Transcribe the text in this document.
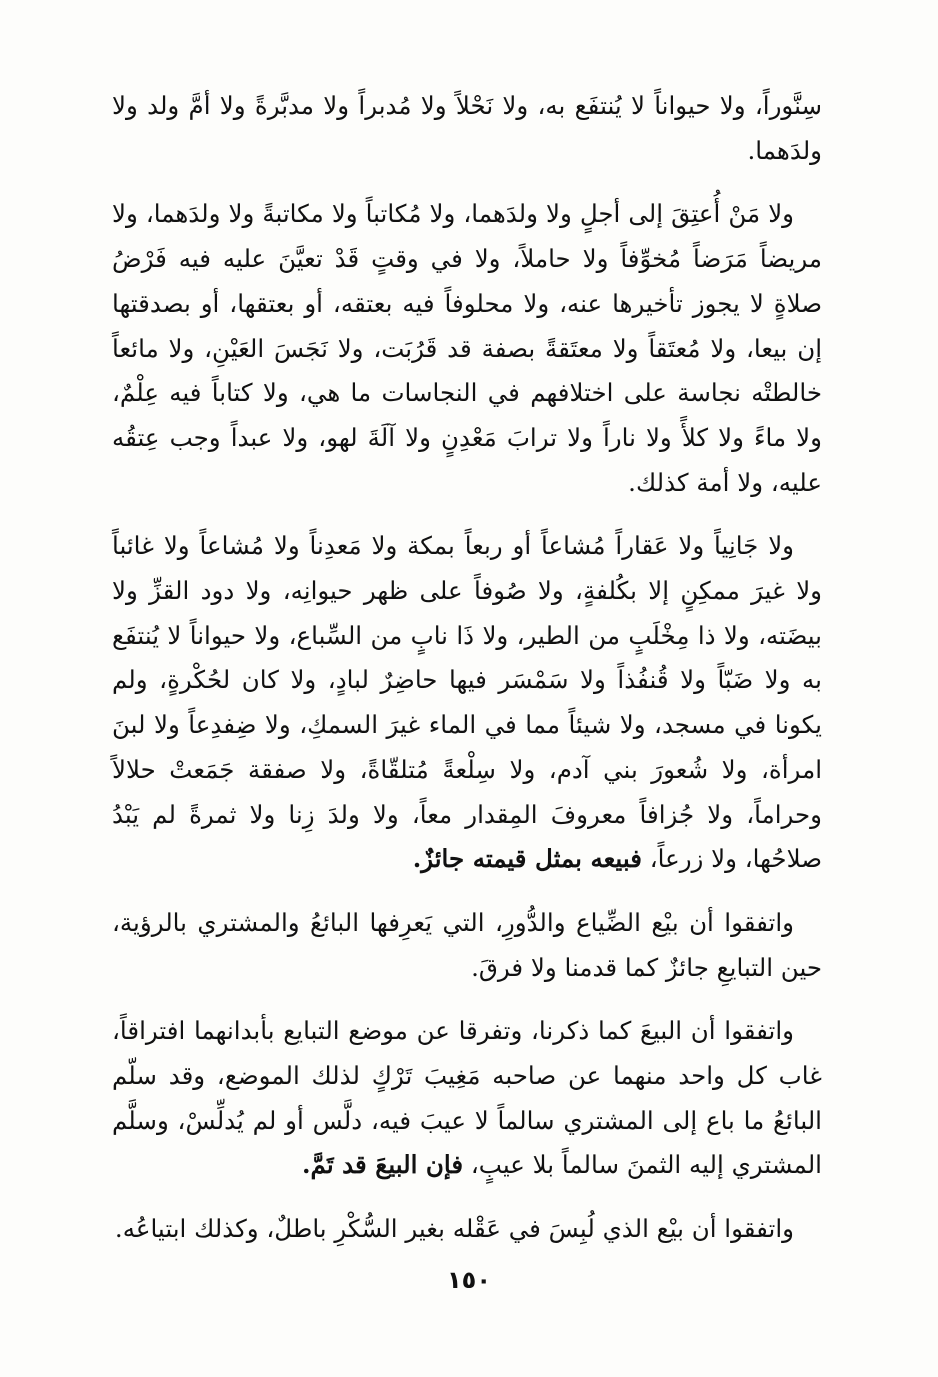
سِنَّوراً، ولا حيواناً لا يُنتفَع به، ولا نَحْلاً ولا مُدبراً ولا مدبَّرةً ولا أمَّ ولد ولا ولدَهما.

ولا مَنْ أُعتِقَ إلى أجلٍ ولا ولدَهما، ولا مُكاتباً ولا مكاتبةً ولا ولدَهما، ولا مريضاً مَرَضاً مُخوِّفاً ولا حاملاً، ولا في وقتٍ قَدْ تعيَّنَ عليه فيه فَرْضُ صلاةٍ لا يجوز تأخيرها عنه، ولا محلوفاً فيه بعتقه، أو بعتقها، أو بصدقتها إن بيعا، ولا مُعتَقاً ولا معتَقةً بصفة قد قَرُبَت، ولا نَجَسَ العَيْنِ، ولا مائعاً خالطتْه نجاسة على اختلافهم في النجاسات ما هي، ولا كتاباً فيه عِلْمٌ، ولا ماءً ولا كلأً ولا ناراً ولا ترابَ مَعْدِنٍ ولا آلَةَ لهو، ولا عبداً وجب عِتقُه عليه، ولا أمة كذلك.

ولا جَانِياً ولا عَقاراً مُشاعاً أو ربعاً بمكة ولا مَعدِناً ولا مُشاعاً ولا غائباً ولا غيرَ ممكِنٍ إلا بكُلفةٍ، ولا صُوفاً على ظهر حيوانِه، ولا دود القزِّ ولا بيضَته، ولا ذا مِخْلَبٍ من الطير، ولا ذَا نابٍ من السِّباع، ولا حيواناً لا يُنتفَع به ولا ضَبّاً ولا قُنفُذاً ولا سَمْسَر فيها حاضِرٌ لبادٍ، ولا كان لحُكْرةٍ، ولم يكونا في مسجد، ولا شيئاً مما في الماء غيرَ السمكِ، ولا ضِفدِعاً ولا لبنَ امرأة، ولا شُعورَ بني آدم، ولا سِلْعةً مُتلقّاةً، ولا صفقة جَمَعتْ حلالاً وحراماً، ولا جُزافاً معروفَ المِقدار معاً، ولا ولدَ زِنا ولا ثمرةً لم يَبْدُ صلاحُها، ولا زرعاً، فبيعه بمثل قيمته جائزٌ.

واتفقوا أن بيْع الضِّياع والدُّورِ، التي يَعرِفها البائعُ والمشتري بالرؤية، حين التبايعِ جائزٌ كما قدمنا ولا فرقَ.

واتفقوا أن البيعَ كما ذكرنا، وتفرقا عن موضع التبايع بأبدانهما افتراقاً، غاب كل واحد منهما عن صاحبه مَغِيبَ تَرْكٍ لذلك الموضع، وقد سلّم البائعُ ما باع إلى المشتري سالماً لا عيبَ فيه، دلَّس أو لم يُدلِّسْ، وسلَّم المشتري إليه الثمنَ سالماً بلا عيبٍ، فإن البيعَ قد تَمَّ.

واتفقوا أن بيْع الذي لُبِسَ في عَقْله بغير السُّكْرِ باطلٌ، وكذلك ابتياعُه.

١٥٠
